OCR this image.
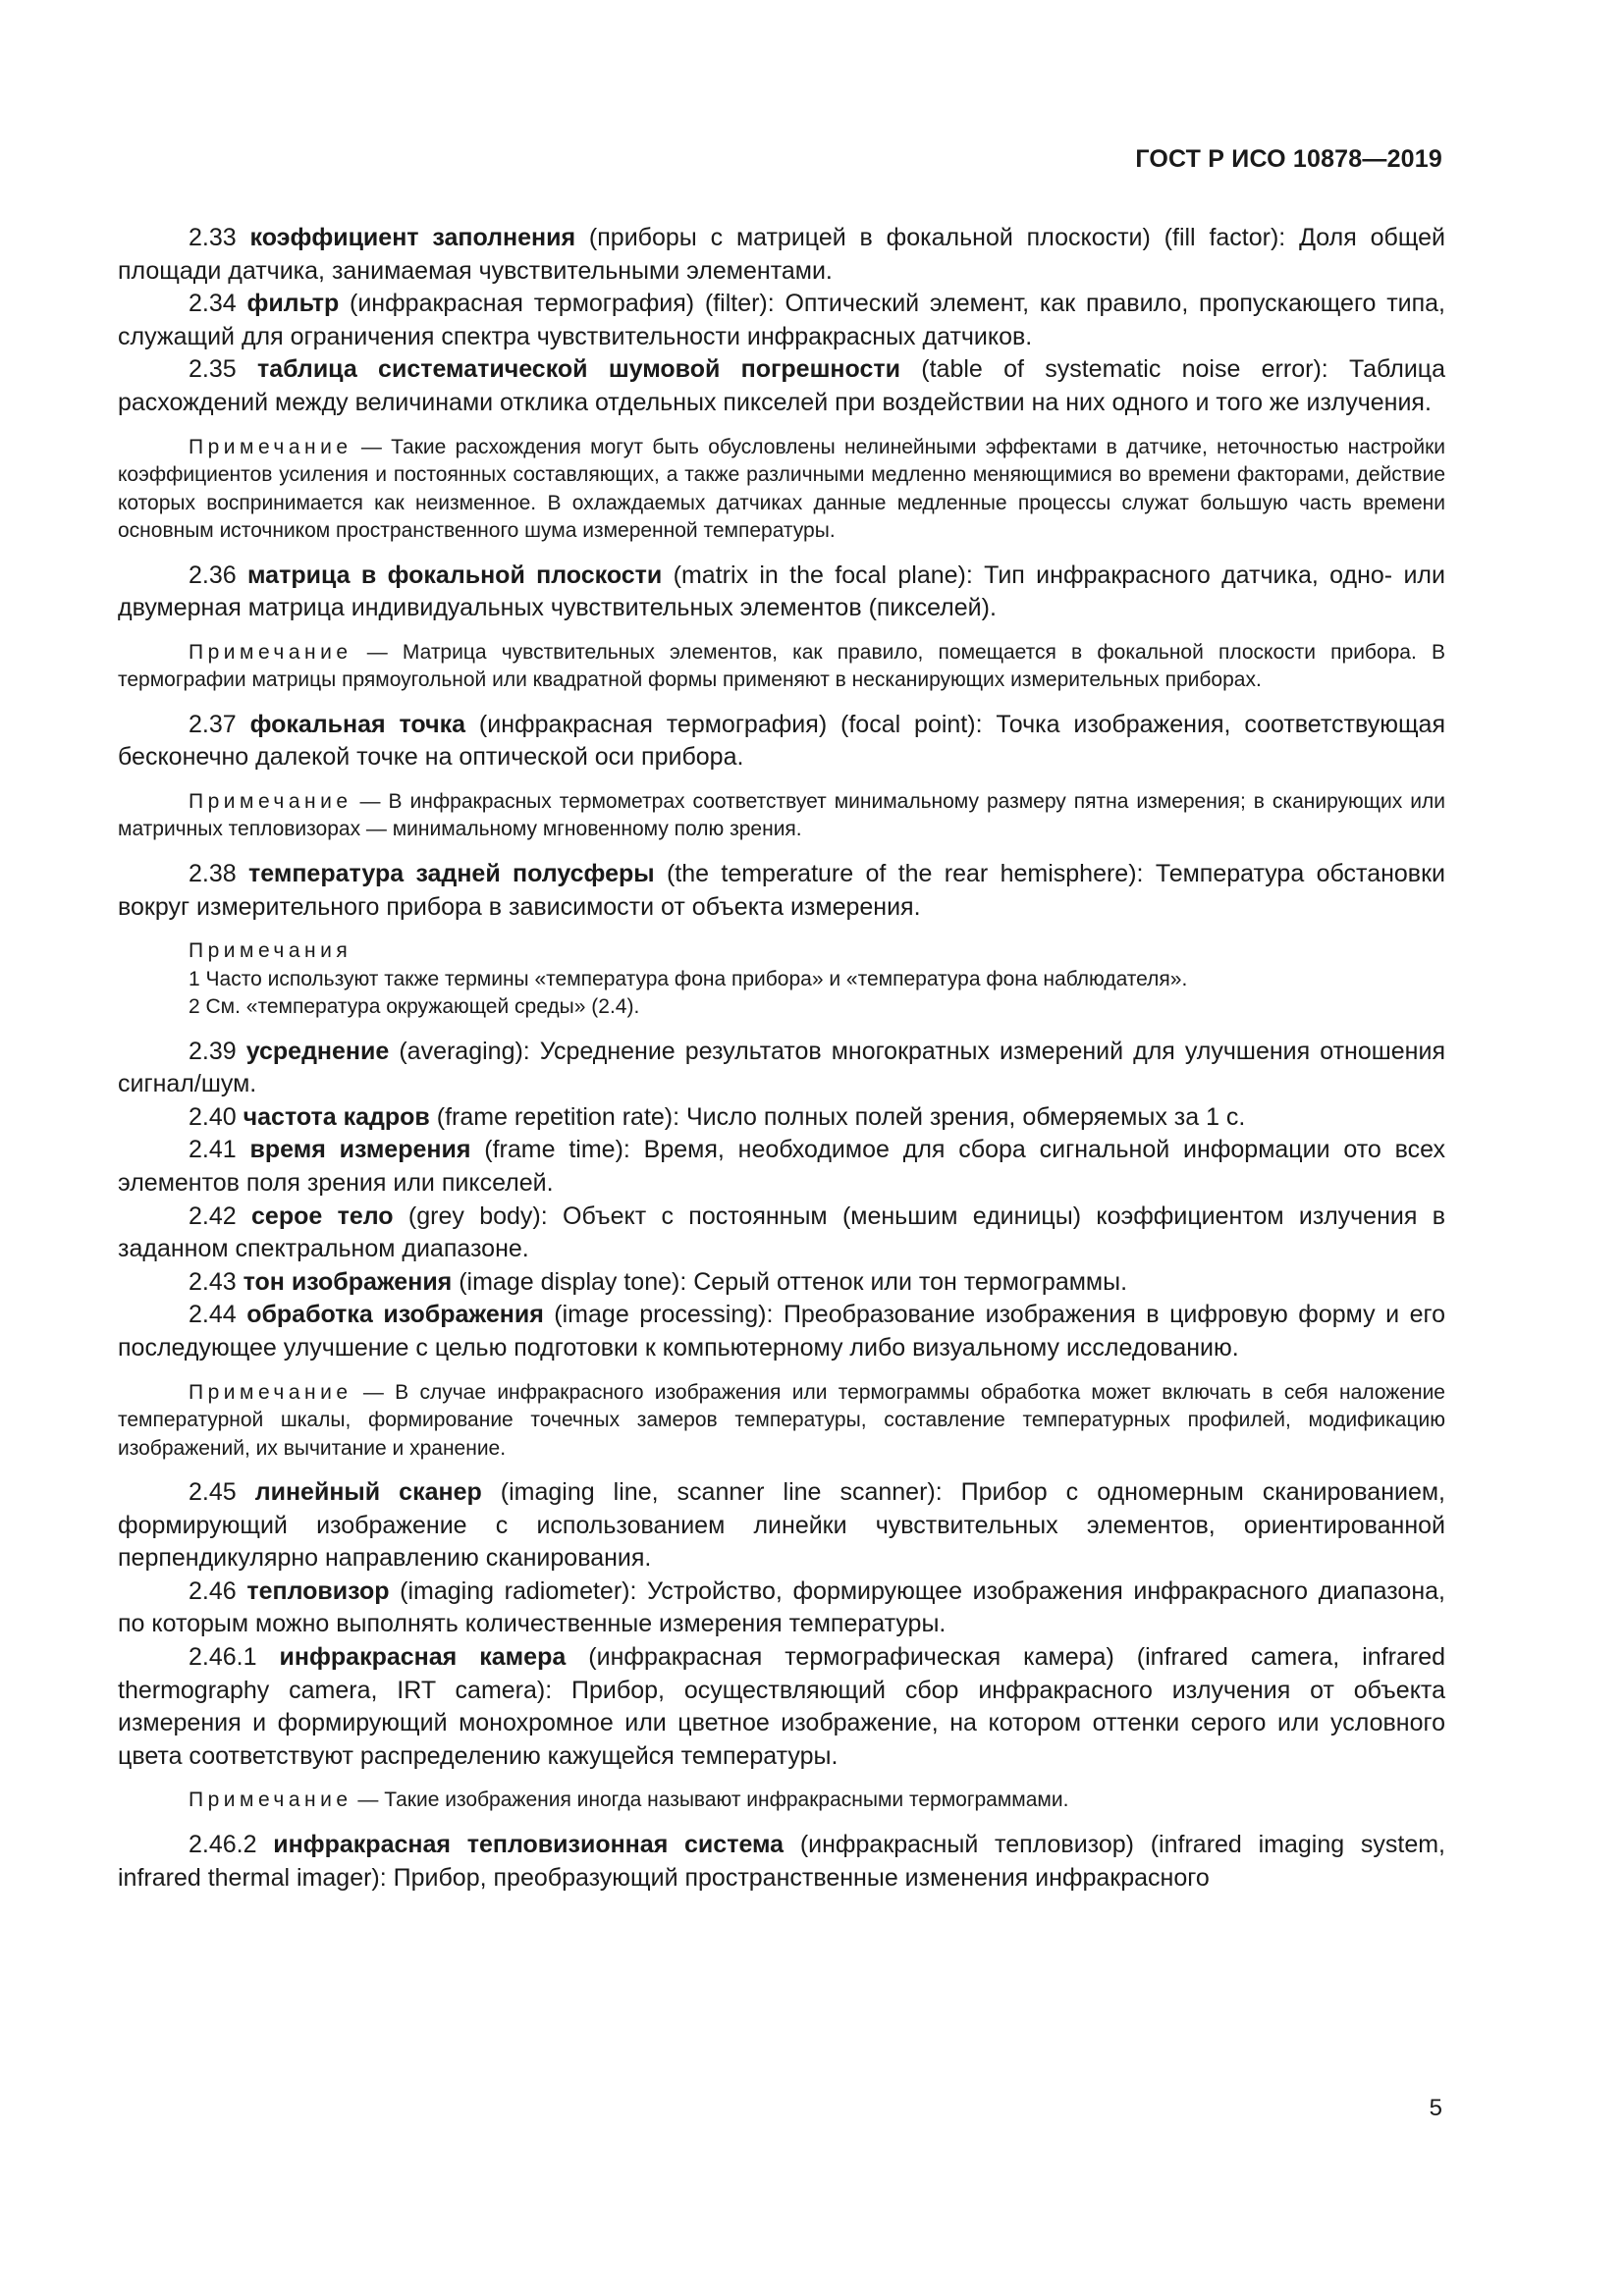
ГОСТ Р ИСО 10878—2019

2.33 коэффициент заполнения (приборы с матрицей в фокальной плоскости) (fill factor): Доля общей площади датчика, занимаемая чувствительными элементами.

2.34 фильтр (инфракрасная термография) (filter): Оптический элемент, как правило, пропускающего типа, служащий для ограничения спектра чувствительности инфракрасных датчиков.

2.35 таблица систематической шумовой погрешности (table of systematic noise error): Таблица расхождений между величинами отклика отдельных пикселей при воздействии на них одного и того же излучения.

Примечание — Такие расхождения могут быть обусловлены нелинейными эффектами в датчике, неточностью настройки коэффициентов усиления и постоянных составляющих, а также различными медленно меняющимися во времени факторами, действие которых воспринимается как неизменное. В охлаждаемых датчиках данные медленные процессы служат большую часть времени основным источником пространственного шума измеренной температуры.

2.36 матрица в фокальной плоскости (matrix in the focal plane): Тип инфракрасного датчика, одно- или двумерная матрица индивидуальных чувствительных элементов (пикселей).

Примечание — Матрица чувствительных элементов, как правило, помещается в фокальной плоскости прибора. В термографии матрицы прямоугольной или квадратной формы применяют в несканирующих измерительных приборах.

2.37 фокальная точка (инфракрасная термография) (focal point): Точка изображения, соответствующая бесконечно далекой точке на оптической оси прибора.

Примечание — В инфракрасных термометрах соответствует минимальному размеру пятна измерения; в сканирующих или матричных тепловизорах — минимальному мгновенному полю зрения.

2.38 температура задней полусферы (the temperature of the rear hemisphere): Температура обстановки вокруг измерительного прибора в зависимости от объекта измерения.

Примечания

1 Часто используют также термины «температура фона прибора» и «температура фона наблюдателя».

2 См. «температура окружающей среды» (2.4).

2.39 усреднение (averaging): Усреднение результатов многократных измерений для улучшения отношения сигнал/шум.

2.40 частота кадров (frame repetition rate): Число полных полей зрения, обмеряемых за 1 с.

2.41 время измерения (frame time): Время, необходимое для сбора сигнальной информации ото всех элементов поля зрения или пикселей.

2.42 серое тело (grey body): Объект с постоянным (меньшим единицы) коэффициентом излучения в заданном спектральном диапазоне.

2.43 тон изображения (image display tone): Серый оттенок или тон термограммы.

2.44 обработка изображения (image processing): Преобразование изображения в цифровую форму и его последующее улучшение с целью подготовки к компьютерному либо визуальному исследованию.

Примечание — В случае инфракрасного изображения или термограммы обработка может включать в себя наложение температурной шкалы, формирование точечных замеров температуры, составление температурных профилей, модификацию изображений, их вычитание и хранение.

2.45 линейный сканер (imaging line, scanner line scanner): Прибор с одномерным сканированием, формирующий изображение с использованием линейки чувствительных элементов, ориентированной перпендикулярно направлению сканирования.

2.46 тепловизор (imaging radiometer): Устройство, формирующее изображения инфракрасного диапазона, по которым можно выполнять количественные измерения температуры.

2.46.1 инфракрасная камера (инфракрасная термографическая камера) (infrared camera, infrared thermography camera, IRT camera): Прибор, осуществляющий сбор инфракрасного излучения от объекта измерения и формирующий монохромное или цветное изображение, на котором оттенки серого или условного цвета соответствуют распределению кажущейся температуры.

Примечание — Такие изображения иногда называют инфракрасными термограммами.

2.46.2 инфракрасная тепловизионная система (инфракрасный тепловизор) (infrared imaging system, infrared thermal imager): Прибор, преобразующий пространственные изменения инфракрасного

5
